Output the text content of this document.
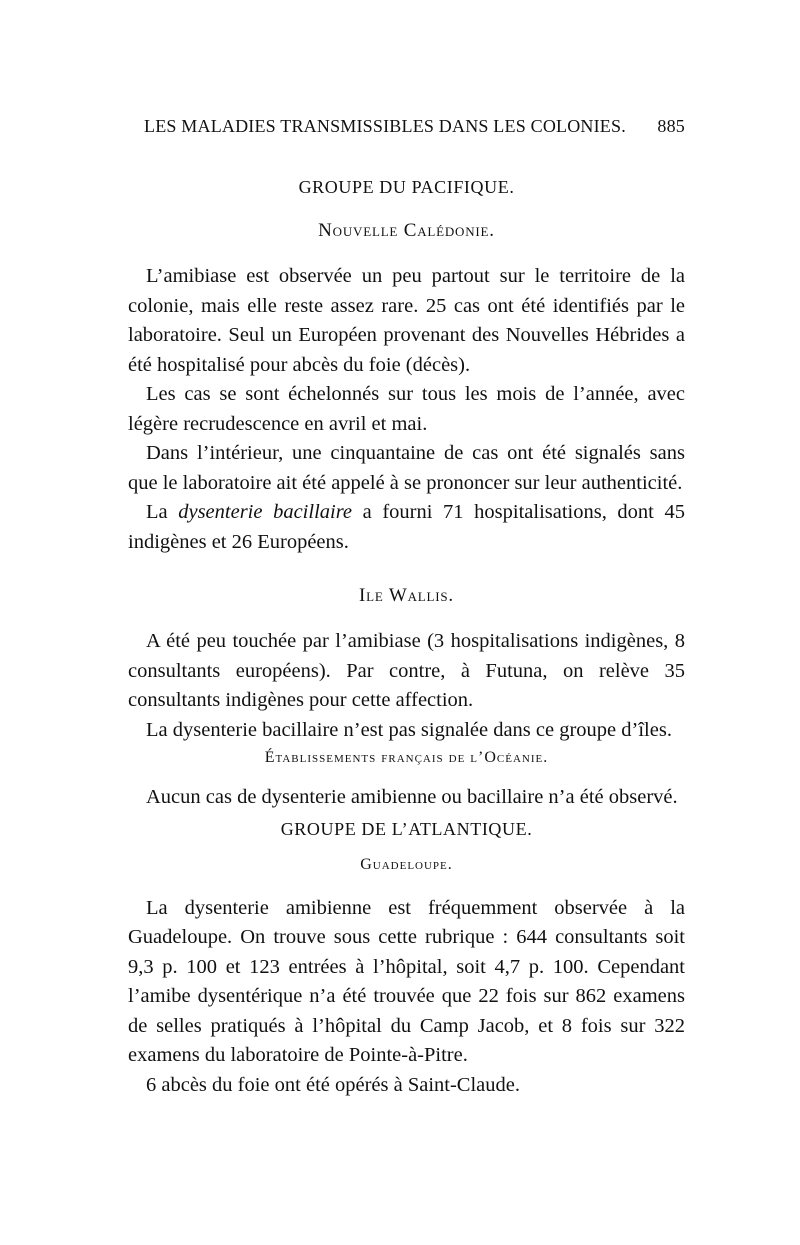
LES MALADIES TRANSMISSIBLES DANS LES COLONIES. 885
GROUPE DU PACIFIQUE.
Nouvelle Calédonie.

L’amibiase est observée un peu partout sur le territoire de la colonie, mais elle reste assez rare. 25 cas ont été identifiés par le laboratoire. Seul un Européen provenant des Nouvelles Hébrides a été hospitalisé pour abcès du foie (décès).

Les cas se sont échelonnés sur tous les mois de l’année, avec légère recrudescence en avril et mai.

Dans l’intérieur, une cinquantaine de cas ont été signalés sans que le laboratoire ait été appelé à se prononcer sur leur authenticité.

La dysenterie bacillaire a fourni 71 hospitalisations, dont 45 indigènes et 26 Européens.

Ile Wallis.

A été peu touchée par l’amibiase (3 hospitalisations indigènes, 8 consultants européens). Par contre, à Futuna, on relève 35 consultants indigènes pour cette affection.

La dysenterie bacillaire n’est pas signalée dans ce groupe d’îles.

Établissements français de l’Océanie.

Aucun cas de dysenterie amibienne ou bacillaire n’a été observé.

GROUPE DE L’ATLANTIQUE.
Guadeloupe.

La dysenterie amibienne est fréquemment observée à la Guadeloupe. On trouve sous cette rubrique : 644 consultants soit 9,3 p. 100 et 123 entrées à l’hôpital, soit 4,7 p. 100. Cependant l’amibe dysentérique n’a été trouvée que 22 fois sur 862 examens de selles pratiqués à l’hôpital du Camp Jacob, et 8 fois sur 322 examens du laboratoire de Pointe-à-Pitre.

6 abcès du foie ont été opérés à Saint-Claude.
